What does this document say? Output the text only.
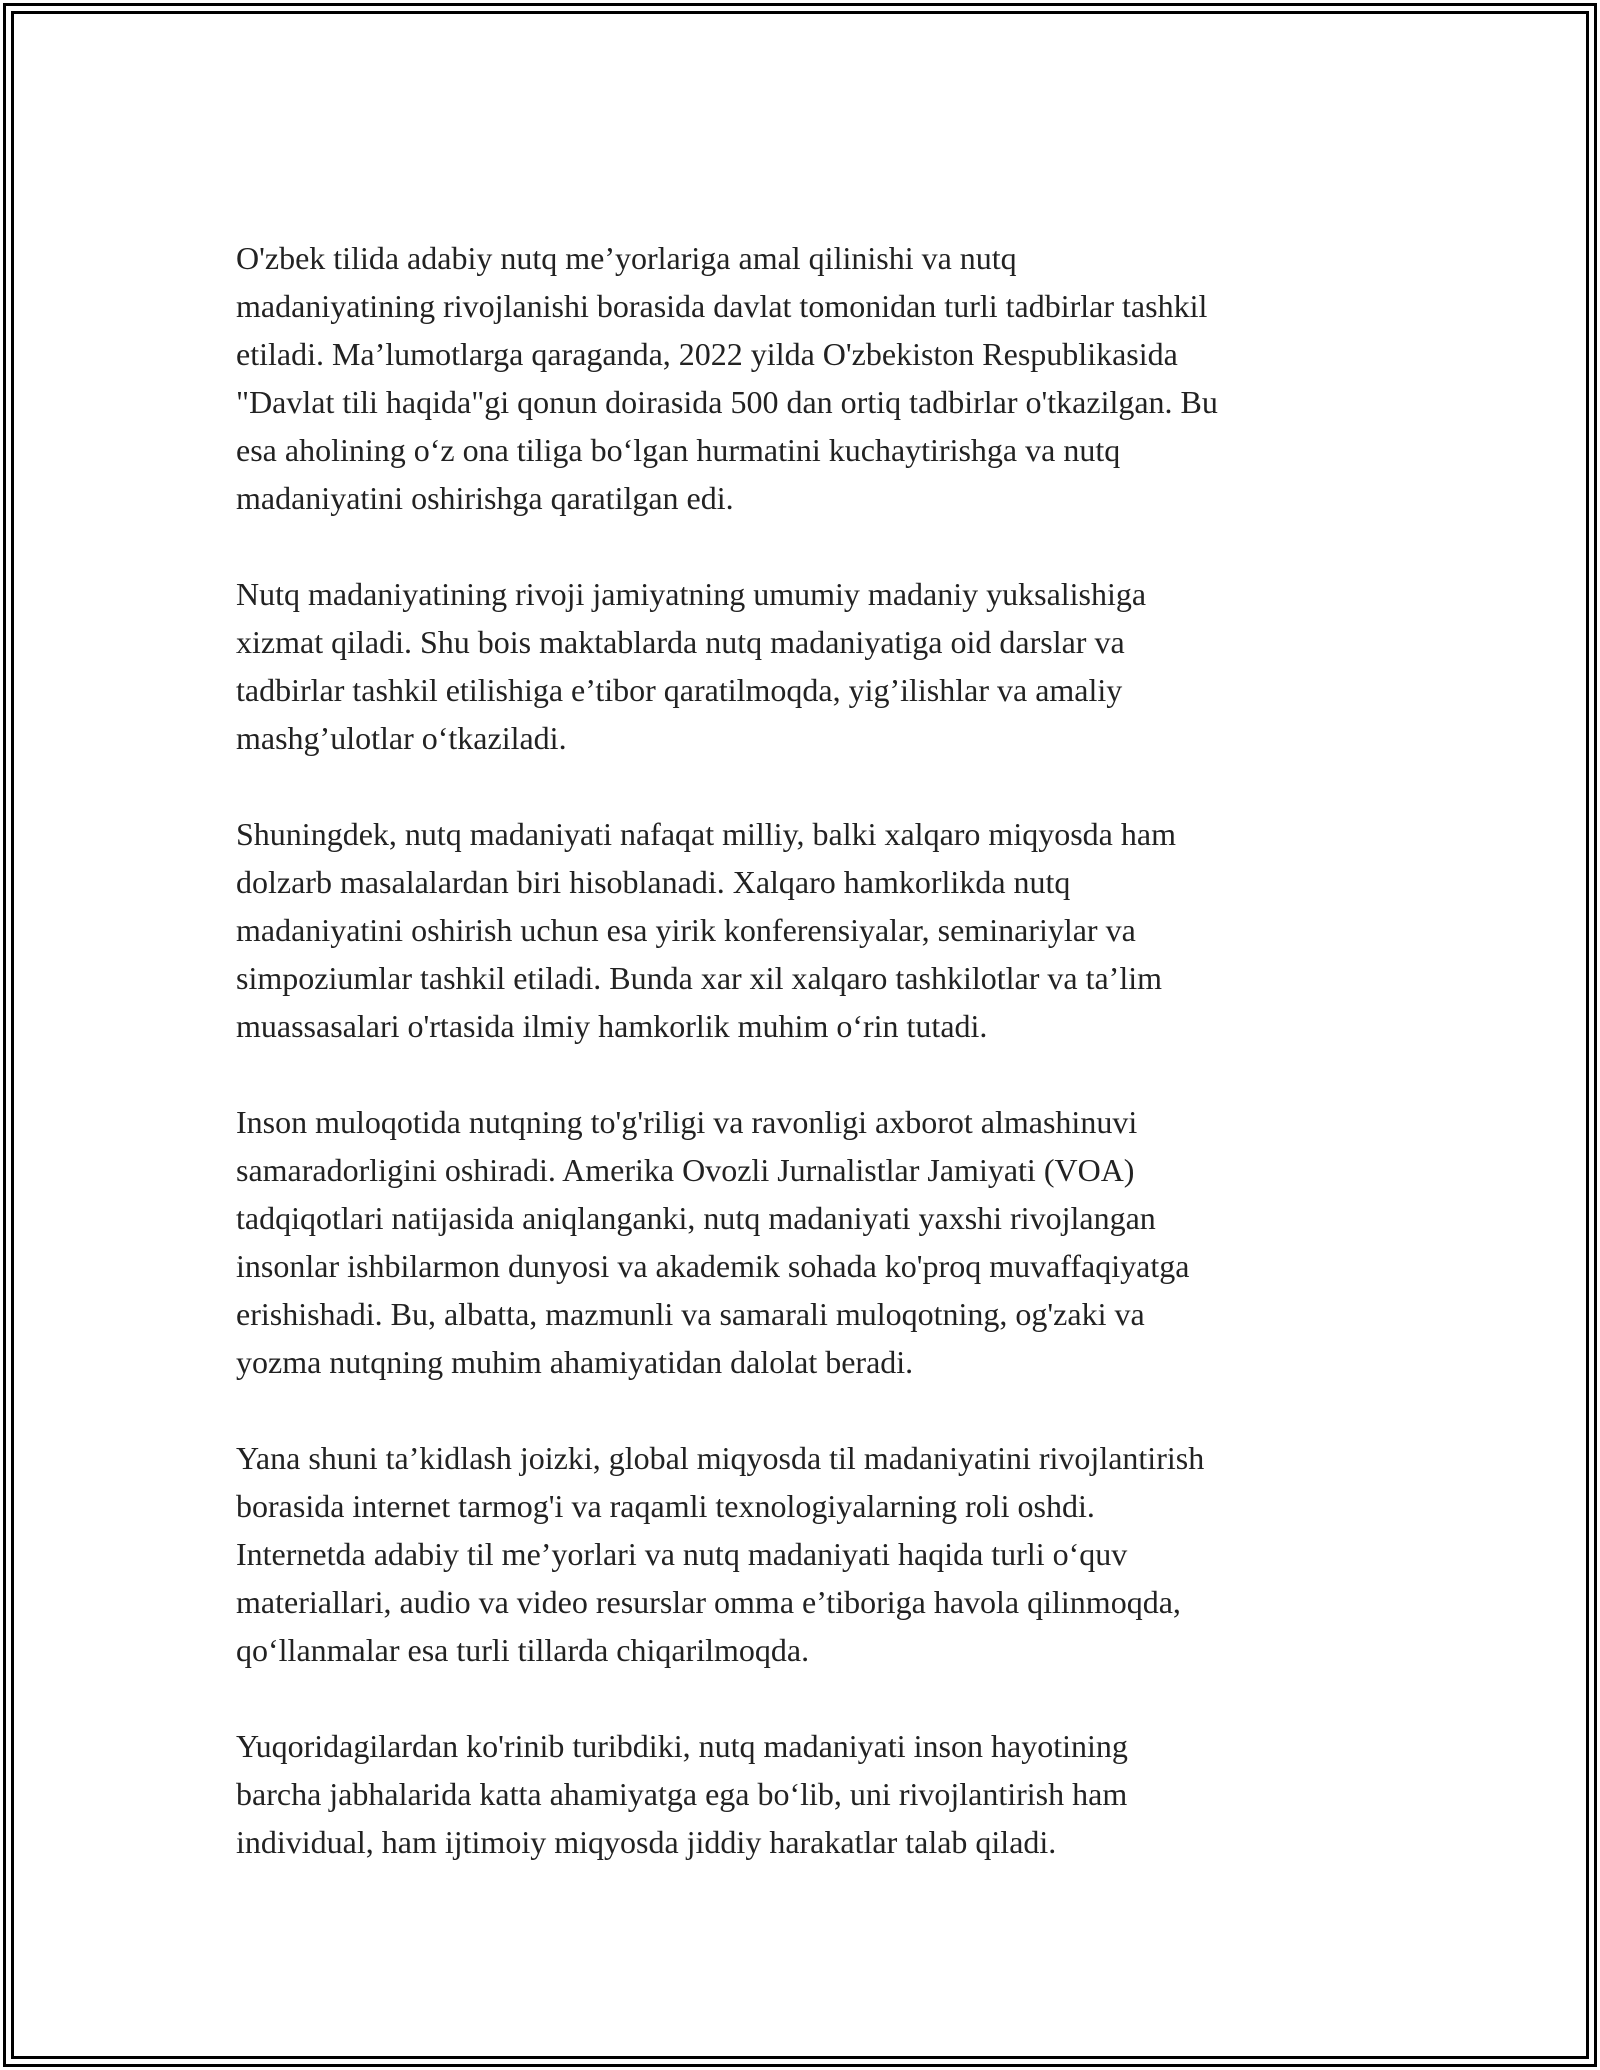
O'zbek tilida adabiy nutq me’yorlariga amal qilinishi va nutq
madaniyatining rivojlanishi borasida davlat tomonidan turli tadbirlar tashkil
etiladi. Ma’lumotlarga qaraganda, 2022 yilda O'zbekiston Respublikasida
"Davlat tili haqida"gi qonun doirasida 500 dan ortiq tadbirlar o'tkazilgan. Bu
esa aholining o‘z ona tiliga bo‘lgan hurmatini kuchaytirishga va nutq
madaniyatini oshirishga qaratilgan edi.

Nutq madaniyatining rivoji jamiyatning umumiy madaniy yuksalishiga
xizmat qiladi. Shu bois maktablarda nutq madaniyatiga oid darslar va
tadbirlar tashkil etilishiga e’tibor qaratilmoqda, yig’ilishlar va amaliy
mashg’ulotlar o‘tkaziladi.

Shuningdek, nutq madaniyati nafaqat milliy, balki xalqaro miqyosda ham
dolzarb masalalardan biri hisoblanadi. Xalqaro hamkorlikda nutq
madaniyatini oshirish uchun esa yirik konferensiyalar, seminariylar va
simpoziumlar tashkil etiladi. Bunda xar xil xalqaro tashkilotlar va ta’lim
muassasalari o'rtasida ilmiy hamkorlik muhim o‘rin tutadi.

Inson muloqotida nutqning to'g'riligi va ravonligi axborot almashinuvi
samaradorligini oshiradi. Amerika Ovozli Jurnalistlar Jamiyati (VOA)
tadqiqotlari natijasida aniqlanganki, nutq madaniyati yaxshi rivojlangan
insonlar ishbilarmon dunyosi va akademik sohada ko'proq muvaffaqiyatga
erishishadi. Bu, albatta, mazmunli va samarali muloqotning, og'zaki va
yozma nutqning muhim ahamiyatidan dalolat beradi.

Yana shuni ta’kidlash joizki, global miqyosda til madaniyatini rivojlantirish
borasida internet tarmog'i va raqamli texnologiyalarning roli oshdi.
Internetda adabiy til me’yorlari va nutq madaniyati haqida turli o‘quv
materiallari, audio va video resurslar omma e’tiboriga havola qilinmoqda,
qo‘llanmalar esa turli tillarda chiqarilmoqda.

Yuqoridagilardan ko'rinib turibdiki, nutq madaniyati inson hayotining
barcha jabhalarida katta ahamiyatga ega bo‘lib, uni rivojlantirish ham
individual, ham ijtimoiy miqyosda jiddiy harakatlar talab qiladi.
